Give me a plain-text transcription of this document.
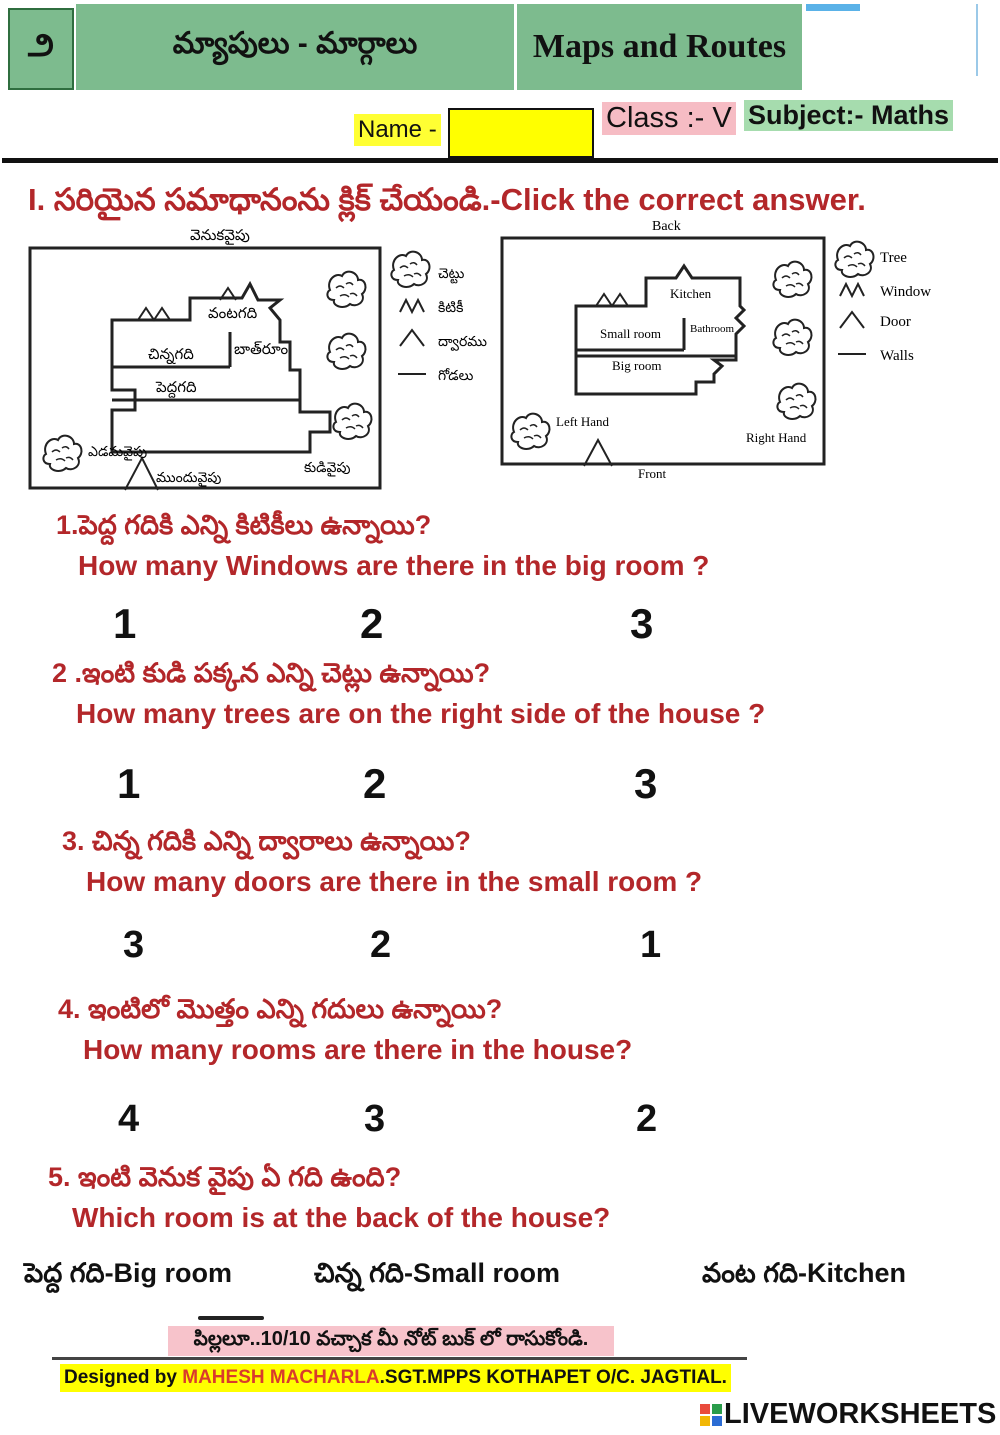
౨	మ్యాపులు - మార్గాలు	Maps and Routes
Name -	Class :- V Subject:- Maths
I. సరియైన సమాధానంను క్లిక్ చేయండి.-Click the correct answer.
వెనుకవైపు
వంటగది
చిన్నగది	బాత్‌రూం
పెద్దగది
ఎడమవైపు
ముందువైపు
కుడివైపు
చెట్టు
కిటికీ
ద్వారము
గోడలు
Back
Kitchen
Small room	Bathroom
Big room
Left Hand
Right Hand
Front
Tree
Window
Door
Walls
1.పెద్ద గదికి ఎన్ని కిటికీలు ఉన్నాయి?
How many Windows are there in the big room ?
1	2	3
2 .ఇంటి కుడి పక్కన ఎన్ని చెట్లు ఉన్నాయి?
How many trees are on the right side of the house ?
1	2	3
3. చిన్న గదికి ఎన్ని ద్వారాలు ఉన్నాయి?
How many doors are there in the small room ?
3	2	1
4. ఇంటిలో మొత్తం ఎన్ని గదులు ఉన్నాయి?
How many rooms are there in the house?
4	3	2
5. ఇంటి వెనుక వైపు ఏ గది ఉంది?
Which room is at the back of the house?
పెద్ద గది-Big room	చిన్న గది-Small room	వంట గది-Kitchen
పిల్లలూ..10/10 వచ్చాక మీ నోట్ బుక్ లో రాసుకోండి.
Designed by MAHESH MACHARLA.SGT.MPPS KOTHAPET O/C. JAGTIAL.
LIVEWORKSHEETS
